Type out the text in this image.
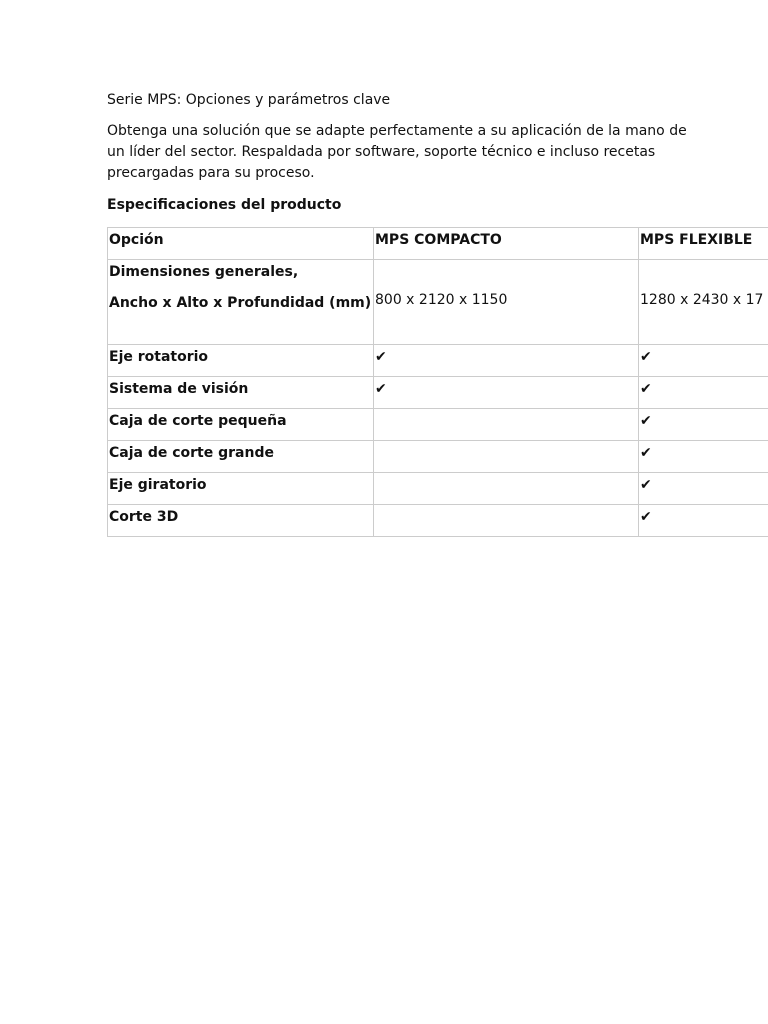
Serie MPS: Opciones y parámetros clave

Obtenga una solución que se adapte perfectamente a su aplicación de la mano de un líder del sector. Respaldada por software, soporte técnico e incluso recetas precargadas para su proceso.

Especificaciones del producto

Opción	MPS COMPACTO	MPS FLEXIBLE

Dimensiones generales,
Ancho x Alto x Profundidad (mm)	800 x 2120 x 1150	1280 x 2430 x 17
Eje rotatorio	✔	✔
Sistema de visión	✔	✔
Caja de corte pequeña		✔
Caja de corte grande		✔
Eje giratorio		✔
Corte 3D		✔
